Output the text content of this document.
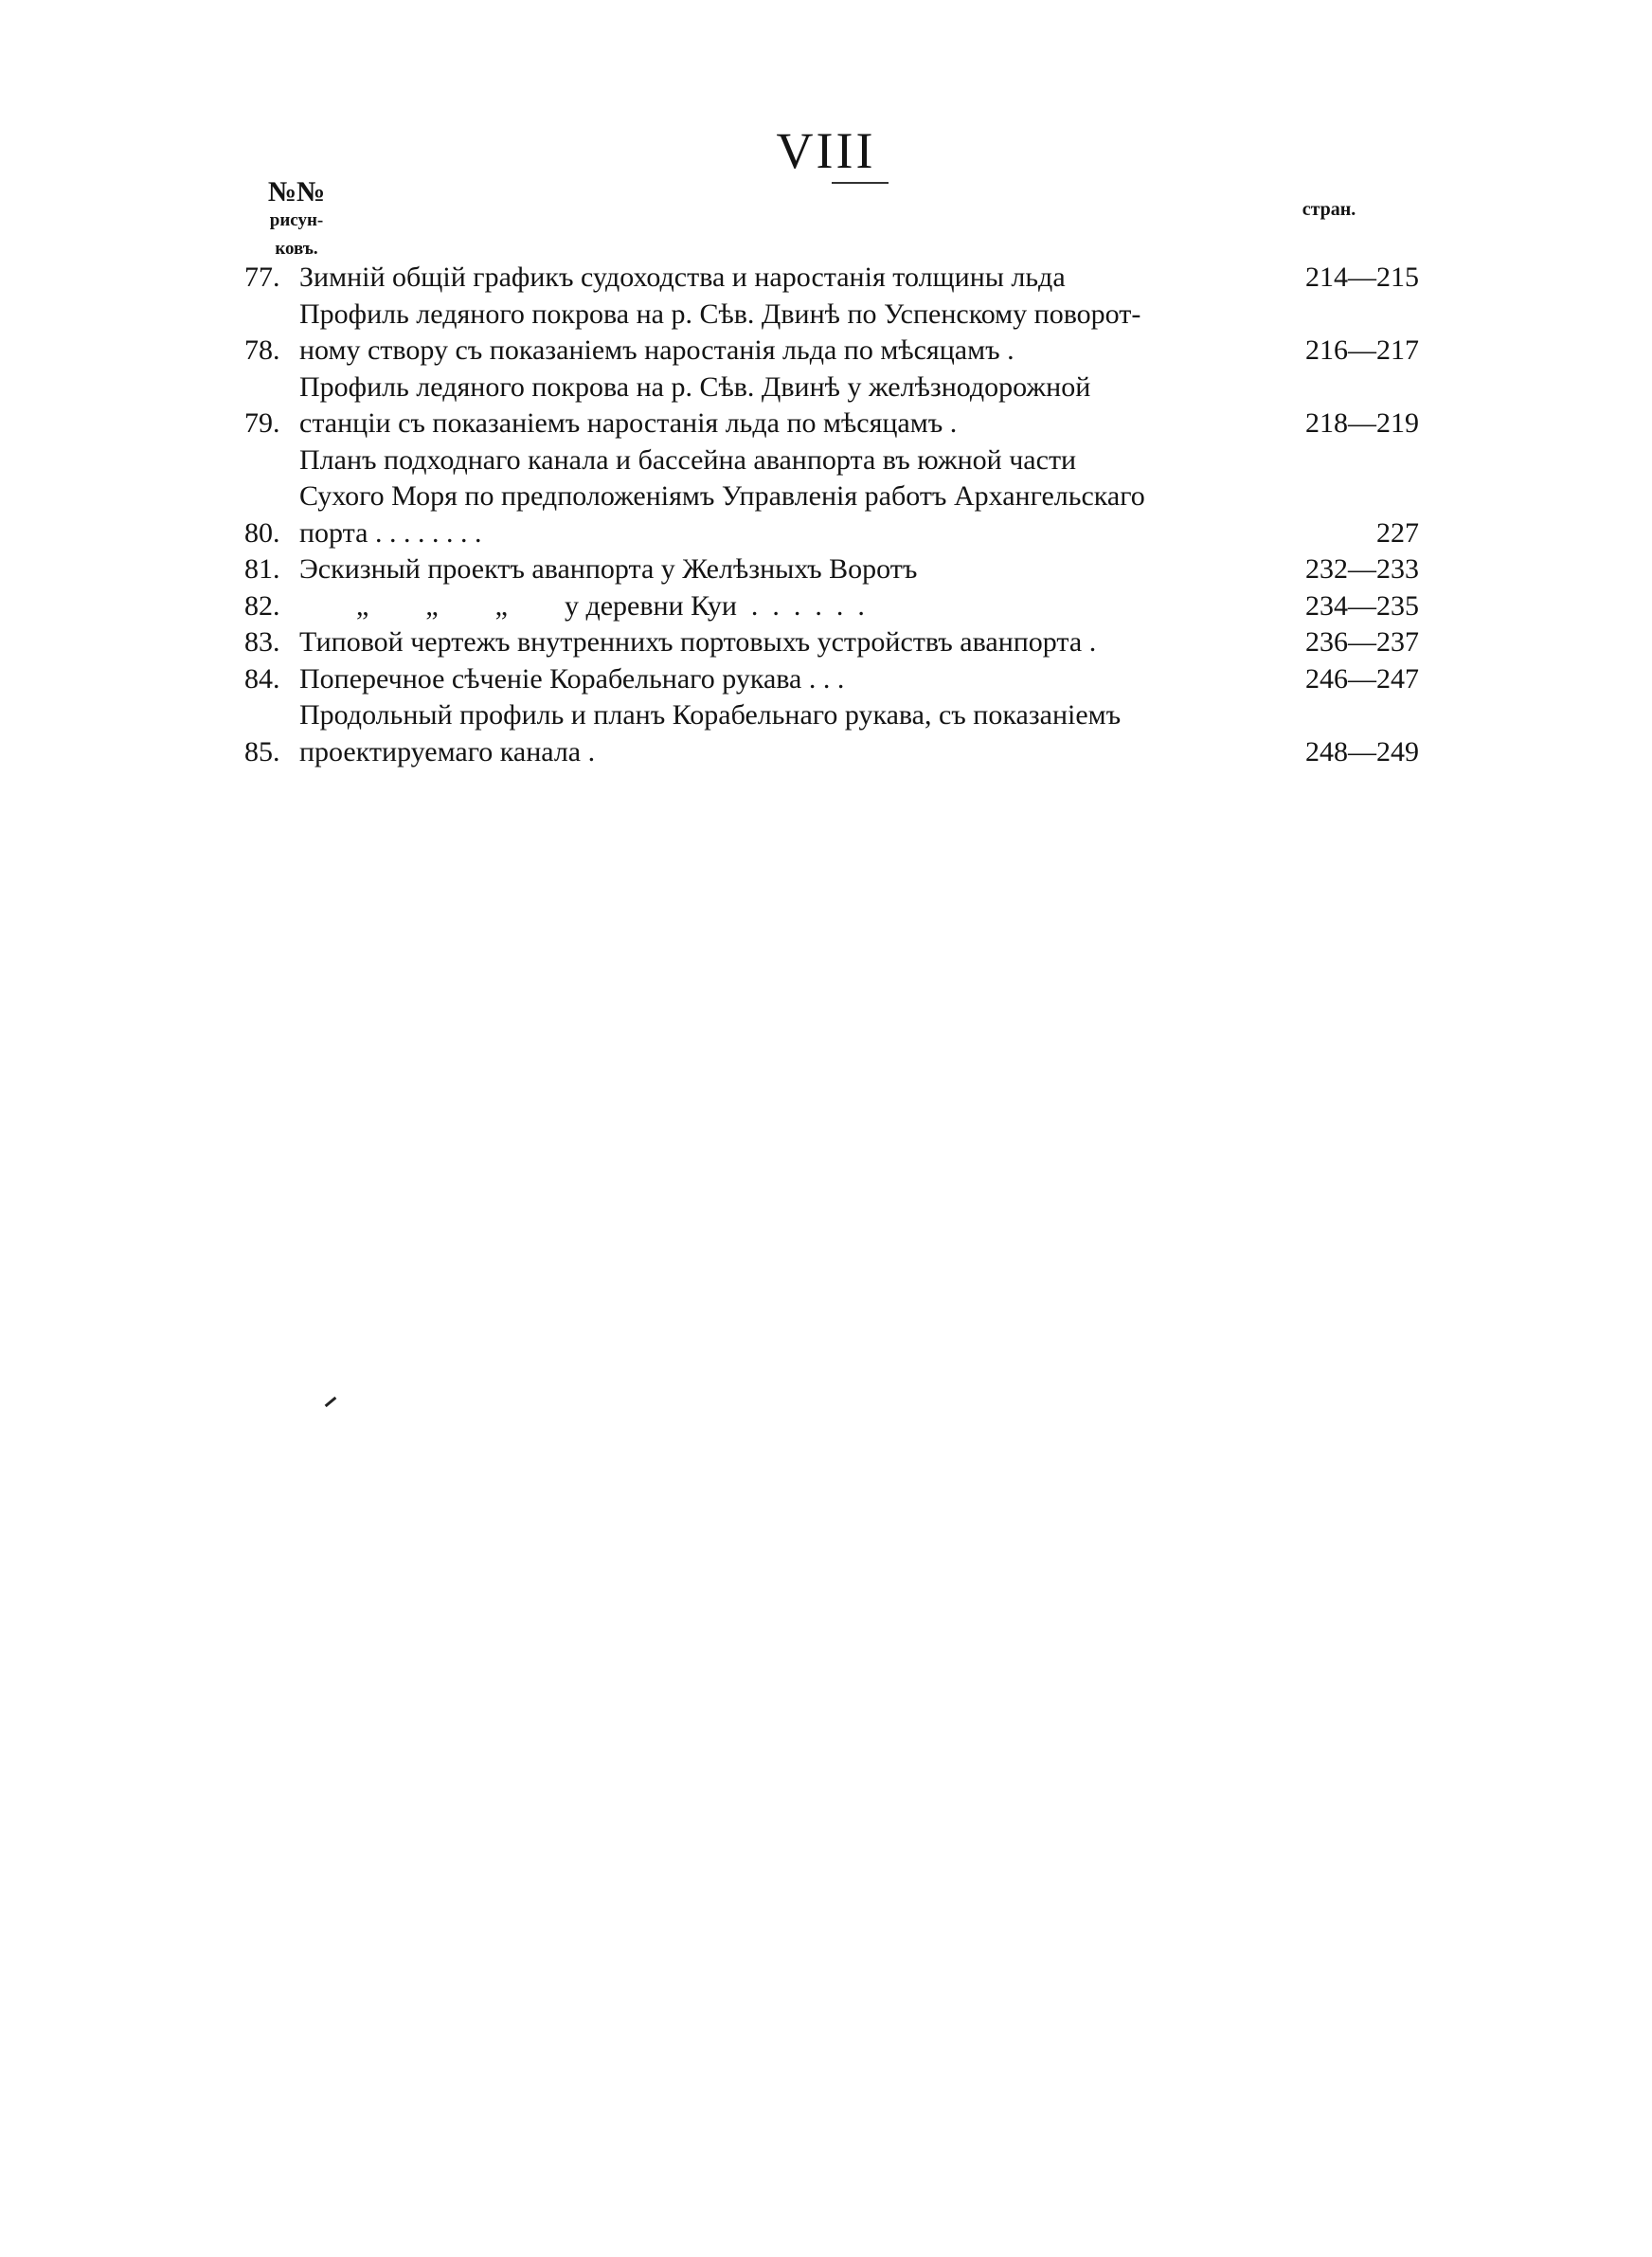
VIII
№№
рисун-
ковъ.
стран.
77. Зимній общій графикъ судоходства и наростанія толщины льда	214—215
78.
Профиль ледяного покрова на р. Сѣв. Двинѣ по Успенскому поворот-
ному створу съ показаніемъ наростанія льда по мѣсяцамъ .	216—217
79.
Профиль ледяного покрова на р. Сѣв. Двинѣ у желѣзнодорожной
станціи съ показаніемъ наростанія льда по мѣсяцамъ .	218—219
80.
Планъ подходнаго канала и бассейна аванпорта въ южной части
Сухого Моря по предположеніямъ Управленія работъ Архангельскаго
порта . . . . . . . .	227
81. Эскизный проектъ аванпорта у Желѣзныхъ Воротъ	232—233
82. „        „        „        у деревни Куи  .  .  .  .  .  .	234—235
83. Типовой чертежъ внутреннихъ портовыхъ устройствъ аванпорта .	236—237
84. Поперечное сѣченіе Корабельнаго рукава . . .	246—247
85.
Продольный профиль и планъ Корабельнаго рукава, съ показаніемъ
проектируемаго канала .	248—249
